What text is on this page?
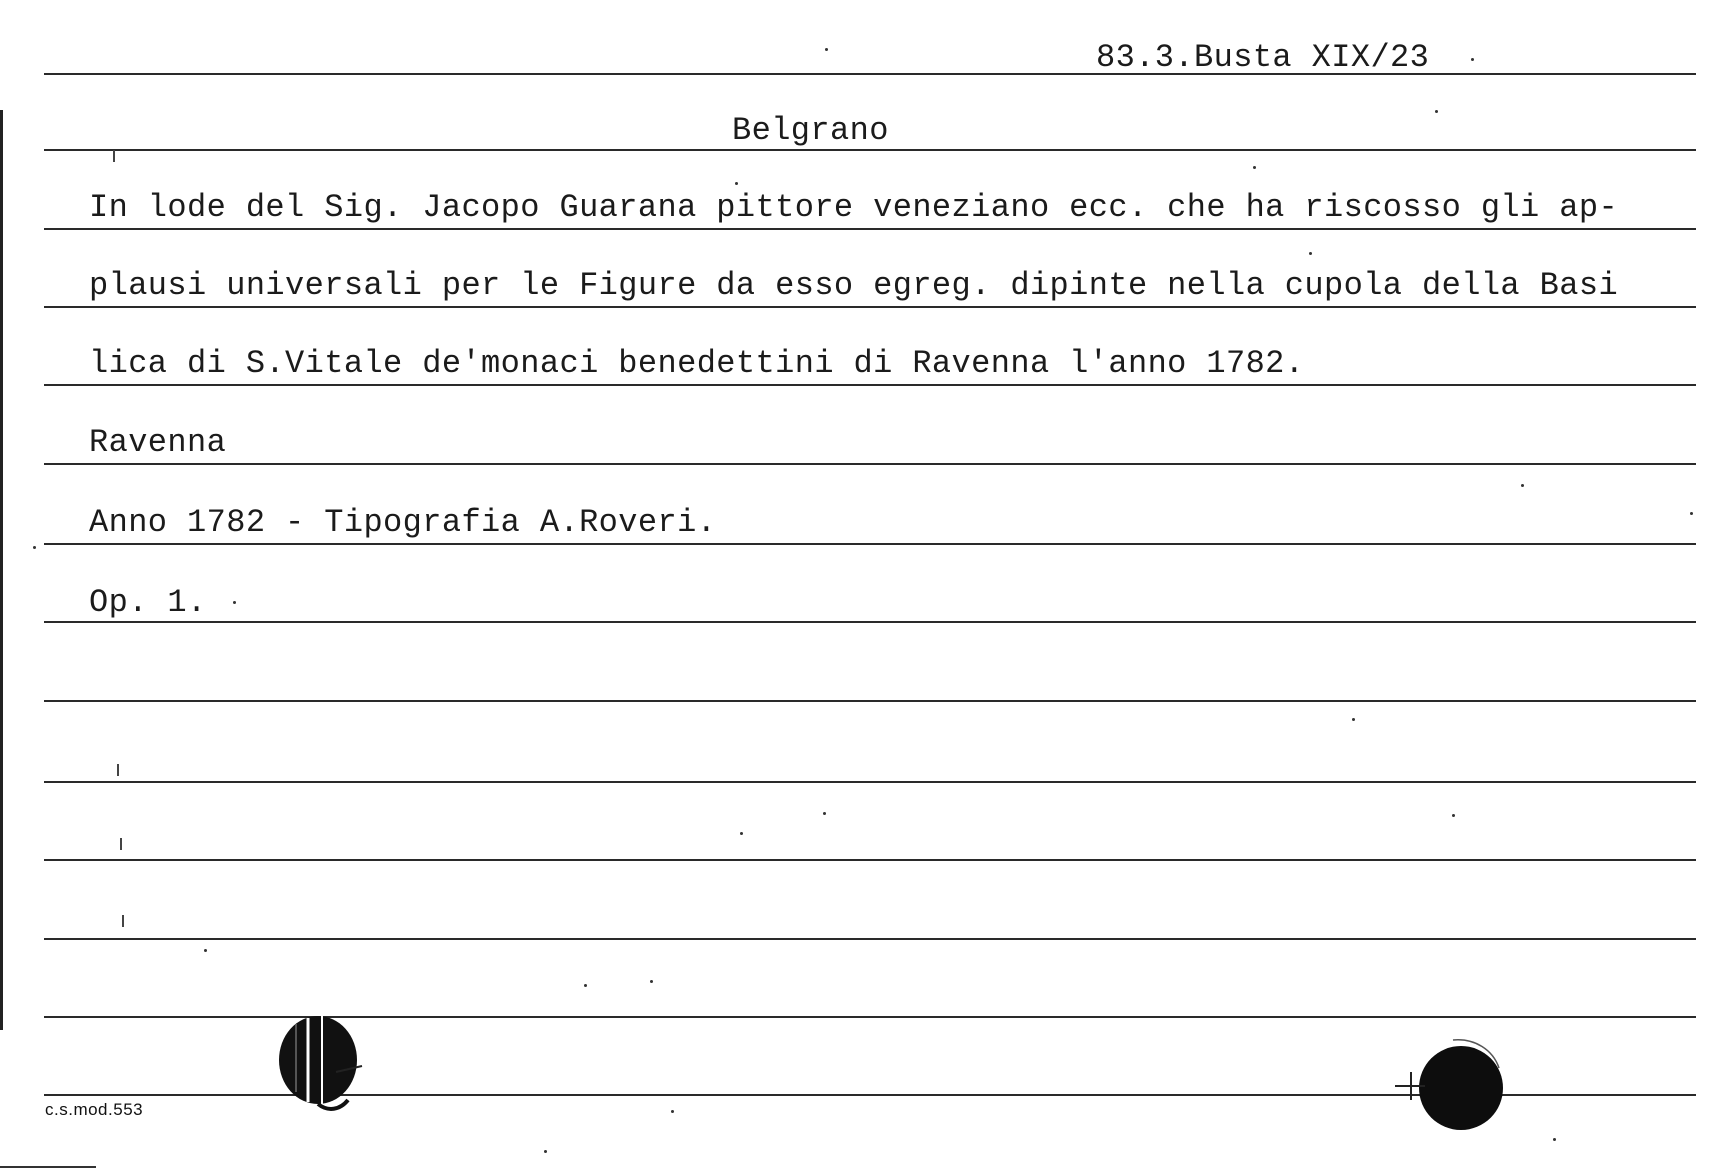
83.3.Busta XIX/23
Belgrano
In lode del Sig. Jacopo Guarana pittore veneziano ecc. che ha riscosso gli ap-
plausi universali per le Figure da esso egreg. dipinte nella cupola della Basi
lica di S.Vitale de'monaci benedettini di Ravenna l'anno 1782.
Ravenna
Anno 1782 - Tipografia A.Roveri.
Op. 1.
c.s.mod.553
